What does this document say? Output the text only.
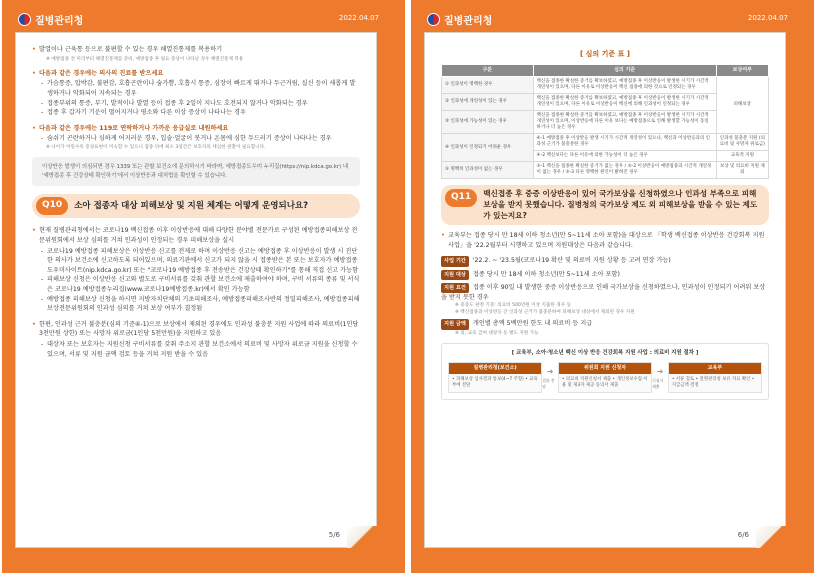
질병관리청	2022.04.07
• 발열이나 근육통 등으로 불편할 수 있는 경우 해열진통제를 복용하기
※ 예방접종 전 미리부터 해열진통제를 준비, 예방접종 후 필요 증상이 나타날 경우 해열진통제 복용
• 다음과 같은 경우에는 의사의 진료를 받으세요
- 가슴통증, 압박감, 불편감, 호흡곤란이나 숨가쁨, 호흡시 통증, 심장이 빠르게 뛰거나 두근거림, 실신 등이 새롭게 발생하거나 악화되어 지속되는 경우
- 접종부위의 통증, 부기, 발적이나 발열 등이 접종 후 2일이 지나도 호전되지 않거나 악화되는 경우
- 접종 후 갑자기 기운이 떨어지거나 평소와 다른 이상 증상이 나타나는 경우
• 다음과 같은 경우에는 119로 연락하거나 가까운 응급실로 내원하세요
- 숨쉬기 곤란하거나 심하게 어지러운 경우, 입술·얼굴이 붓거나 온몸에 심한 두드러기 증상이 나타나는 경우
※ 나이가 어릴수록 증상표현이 미숙할 수 있으니 접종 뒤에 최소 3일간은 보호자의 세심한 관찰이 필요합니다.
이상반응 발생이 의심되면 경우 1339 또는 관할 보건소에 문의하시기 바라며, 예방접종도우미 누리집(https://nip.kdca.go.kr) 내 '예방접종 후 건강상태 확인하기'에서 이상반응과 대처법을 확인할 수 있습니다.
Q10	소아 접종자 대상 피해보상 및 지원 체계는 어떻게 운영되나요?
• 현재 질병관리청에서는 코로나19 백신접종 이후 이상반응에 대해 다양한 분야별 전문가로 구성된 예방접종피해보상 전문위원회에서 보상 심의를 거쳐 인과성이 인정되는 경우 피해보상을 실시
- 코로나19 예방접종 피해보상은 이상반응 신고를 전제로 하며 이상반응 신고는 예방접종 후 이상반응이 발생 시 진단한 의사가 보건소에 신고하도록 되어있으며, 의료기관에서 신고가 되지 않을 시 접종받은 본 또는 보호자가 예방접종도우미사이트(nip.kdca.go.kr) 또는 "코로나19 예방접종 후 전송받은 건강상태 확인하기"를 통해 직접 신고 가능함
- 피해보상 신청은 이상반응 신고와 별도로 구비서류를 갖춰 관할 보건소에 제출하여야 하며, 구비 서류의 종류 및 서식은 코로나19 예방접종누리집(www.코로나19예방접종.kr)에서 확인 가능함
- 예방접종 피해보상 신청을 하시면 지방자치단체의 기초피해조사, 예방접종피해조사반의 정밀피해조사, 예방접종피해보상전문위원회의 인과성 심의를 거쳐 보상 여부가 결정됨
• 한편, 인과성 근거 불충분(심의 기준④-1)으로 보상에서 제외된 경우에도 인과성 불충분 지원 사업에 따라 의료비(1인당 3천만원 상한) 또는 사망자 위로금(1인당 5천만원)을 지원하고 있음
- 대상자 또는 보호자는 지원신청 구비서류를 갖춰 주소지 관할 보건소에서 의료비 및 사망자 위로금 지원을 신청할 수 있으며, 서류 및 지원 금액 검토 등을 거쳐 지원 받을 수 있음
5/6
질병관리청	2022.04.07
[ 심의 기준 표 ]
구분	심의 기준	보상여부
① 인과성이 명백한 경우	백신을 접종한 확실한 증거를 확보하였고, 예방접종 후 이상반응이 발생한 시기가 시간적 개연성이 있으며, 다른 이유로 이상반응이 백신 접종에 의한 것으로 인정되는 경우	피해보상
② 인과성에 개연성이 있는 경우	백신을 접종한 확실한 증거를 확보하였고, 예방접종 후 이상반응이 발생한 시기가 시간적 개연성이 있으며, 다른 이유로 이상반응이 백신에 의해 인과성이 인정되는 경우	
③ 인과성에 가능성이 있는 경우	백신을 접종한 확실한 증거를 확보하였고, 예방접종 후 이상반응이 발생한 시기가 시간적 개연성이 있으며, 이상반응에 다른 이유 보다는 예방접종으로 인해 발생할 가능성이 동일하거나 더 높은 경우	
④ 인과성이 인정되기 어려운 경우	④-1 예방접종 후 이상반응 발생 시기가 시간적 개연성이 있으나, 백신과 이상반응과의 인과성 근거가 불충분한 경우	인과성 불충분 지원 (의료비 및 사망자 위로금)
	④-2 백신보다는 다른 이유에 의한 가능성이 더 높은 경우	교육적 지원
⑤ 명백히 인과성이 없는 경우	⑤-1 백신을 접종한 확실한 증거가 없는 경우 / ⑤-2 이상반응이 예방접종과 시간적 개연성이 없는 경우 / ⑤-3 다른 명백한 원인이 밝혀진 경우	보상 및 의료비 지원 제외
Q11	백신접종 후 중증 이상반응이 있어 국가보상을 신청하였으나 인과성 부족으로 피해보상을 받지 못했습니다. 질병청의 국가보상 제도 외 피해보상을 받을 수 있는 제도가 있는지요?
• 교육부는 접종 당시 만 18세 이하 청소년(만 5~11세 소아 포함)을 대상으로 「학생 백신접종 이상반응 건강회복 지원 사업」을 '22.2월부터 시행하고 있으며 지원대상은 다음과 같습니다.
사업 기간 '22.2. ~ '23.5월(코로나19 확산 및 의료비 지원 상황 등 고려 연장 가능)
지원 대상 접종 당시 만 18세 이하 청소년(만 5~11세 소아 포함)
지원 요건 접종 이후 90일 내 발생한 중증 이상반응으로 인해 국가보상을 신청하였으나, 인과성이 인정되기 어려워 보상을 받지 못한 경우
※ 중증도 판정 기준: 의료비 500만원 이상 지출한 경우 등
※ 백신접종과 이상반응 간 인과성 근거가 불충분하여 피해보상 대상에서 제외된 경우 지원
지원 금액 개인별 총액 5백만원 한도 내 의료비 등 지급
※ 의, 교육 급여 대상자 등 별도 지원 가능
[ 교육부, 소아·청소년 백신 이상 반응 건강회복 지원 사업 : 의료비 지원 절차 ]
질병관리청(보건소)
• 피해보상 심사결과 통보(4~7 주형) • 교육부에 전달
➜
결과 전달
위원회 지원 신청자
• 의료비 지원신청서 제출 • 개인정보수집·이용 및 제3자 제공 동의서 제출
➜
신청서 제출
교육부
• 서류 검토 • 질병관리청 보유 자료 확인 • 지급금액 결정
6/6
